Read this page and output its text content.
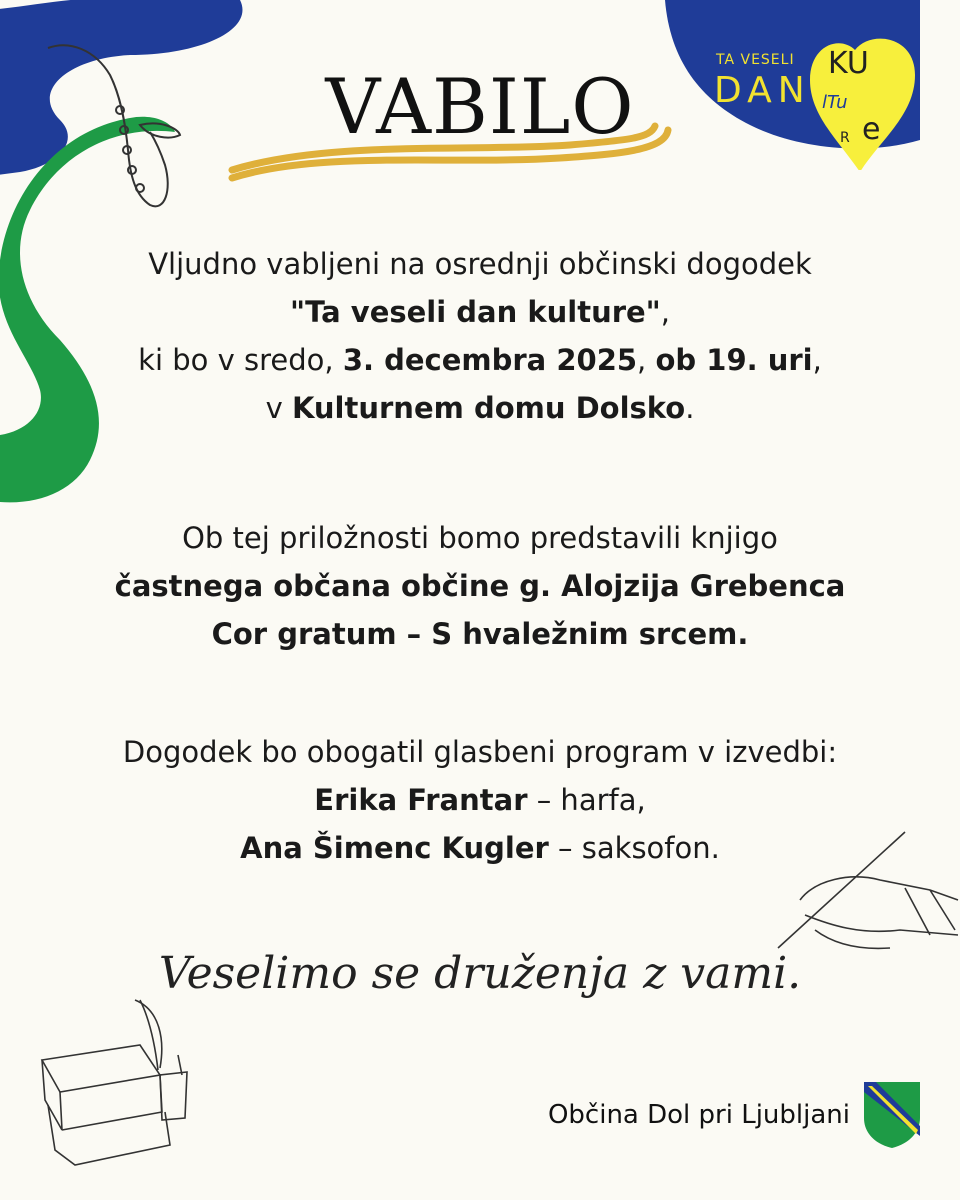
TA VESELI
DAN
KU
lTu
R e
VABILO
Vljudno vabljeni na osrednji občinski dogodek
"Ta veseli dan kulture",
ki bo v sredo, 3. decembra 2025, ob 19. uri,
v Kulturnem domu Dolsko.
Ob tej priložnosti bomo predstavili knjigo
častnega občana občine g. Alojzija Grebenca
Cor gratum – S hvaležnim srcem.
Dogodek bo obogatil glasbeni program v izvedbi:
Erika Frantar – harfa,
Ana Šimenc Kugler – saksofon.
Veselimo se druženja z vami.
Občina Dol pri Ljubljani
